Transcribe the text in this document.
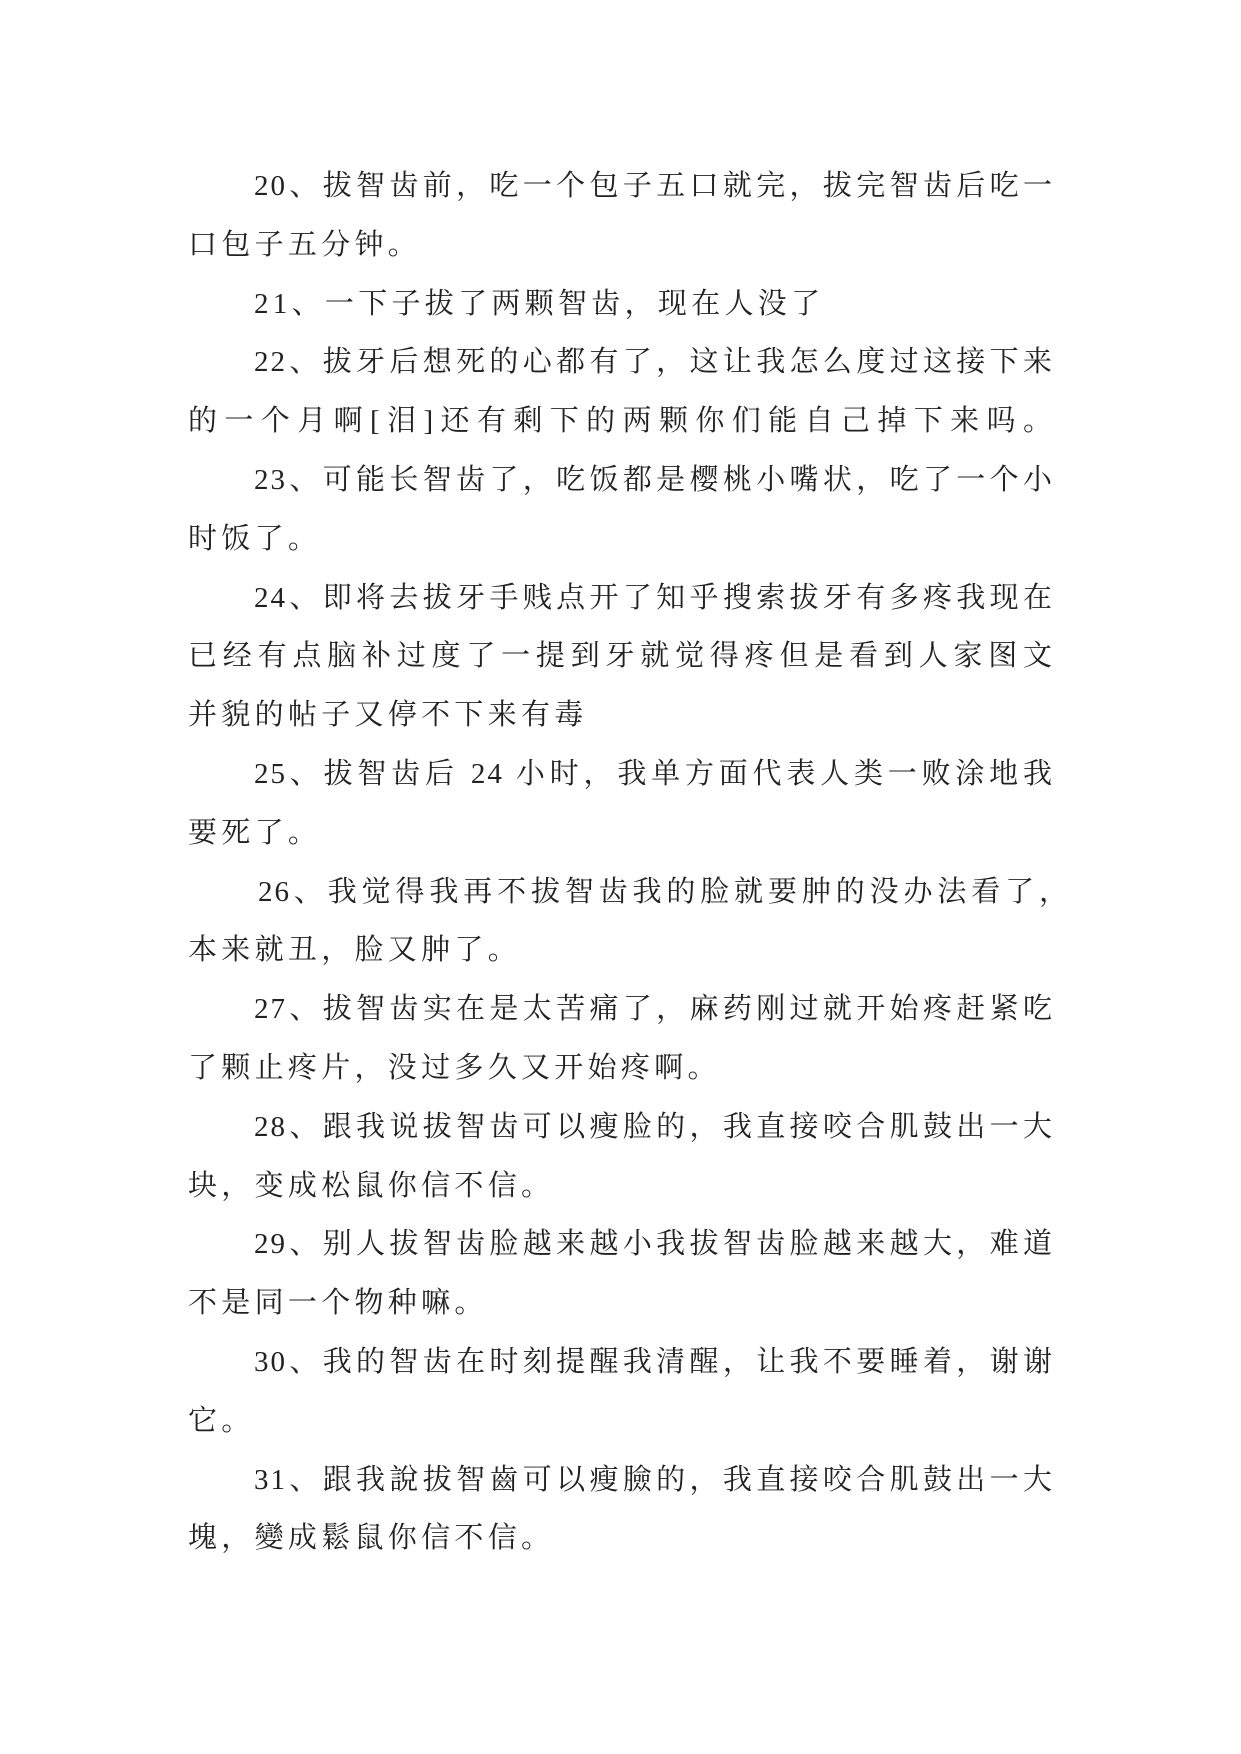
20、拔智齿前，吃一个包子五口就完，拔完智齿后吃一
口包子五分钟。
21、一下子拔了两颗智齿，现在人没了
22、拔牙后想死的心都有了，这让我怎么度过这接下来
的一个月啊[泪]还有剩下的两颗你们能自己掉下来吗。
23、可能长智齿了，吃饭都是樱桃小嘴状，吃了一个小
时饭了。
24、即将去拔牙手贱点开了知乎搜索拔牙有多疼我现在
已经有点脑补过度了一提到牙就觉得疼但是看到人家图文
并貌的帖子又停不下来有毒
25、拔智齿后 24 小时，我单方面代表人类一败涂地我
要死了。
26、我觉得我再不拔智齿我的脸就要肿的没办法看了，
本来就丑，脸又肿了。
27、拔智齿实在是太苦痛了，麻药刚过就开始疼赶紧吃
了颗止疼片，没过多久又开始疼啊。
28、跟我说拔智齿可以瘦脸的，我直接咬合肌鼓出一大
块，变成松鼠你信不信。
29、别人拔智齿脸越来越小我拔智齿脸越来越大，难道
不是同一个物种嘛。
30、我的智齿在时刻提醒我清醒，让我不要睡着，谢谢
它。
31、跟我說拔智齒可以瘦臉的，我直接咬合肌鼓出一大
塊，變成鬆鼠你信不信。
